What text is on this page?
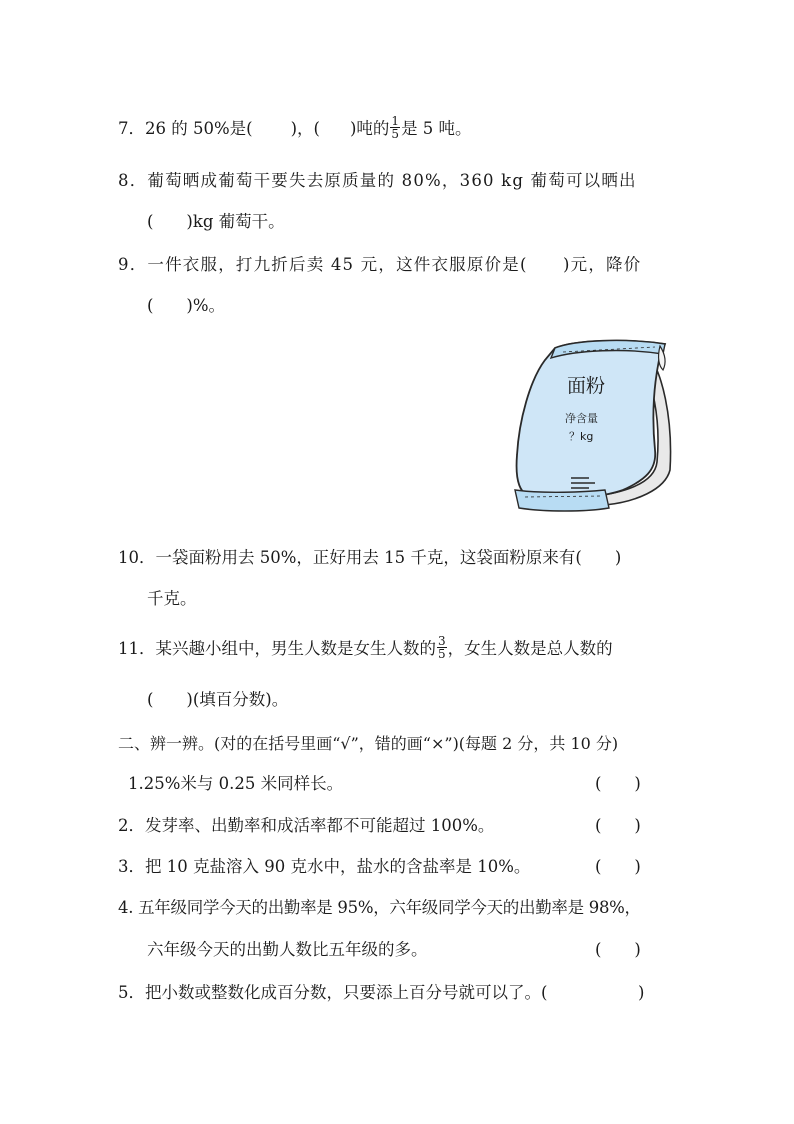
7．26 的 50%是( )，( )吨的 $\frac{1}{5}$ 是 5 吨。
8．葡萄晒成葡萄干要失去原质量的 80%，360 kg 葡萄可以晒出
(　　)kg 葡萄干。
9．一件衣服，打九折后卖 45 元，这件衣服原价是(　　)元，降价
(　　)%。
面粉
净含量
？kg
10．一袋面粉用去 50%，正好用去 15 千克，这袋面粉原来有(　　)
千克。
11．某兴趣小组中，男生人数是女生人数的 $\frac{3}{5}$ ，女生人数是总人数的
(　　)(填百分数)。
二、辨一辨。(对的在括号里画“√”，错的画“×”)(每题 2 分，共 10 分)
1.25%米与 0.25 米同样长。	(　　)
2．发芽率、出勤率和成活率都不可能超过 100%。	(　　)
3．把 10 克盐溶入 90 克水中，盐水的含盐率是 10%。	(　　)
4. 五年级同学今天的出勤率是 95%，六年级同学今天的出勤率是 98%，
六年级今天的出勤人数比五年级的多。	(　　)
5．把小数或整数化成百分数，只要添上百分号就可以了。(	)
